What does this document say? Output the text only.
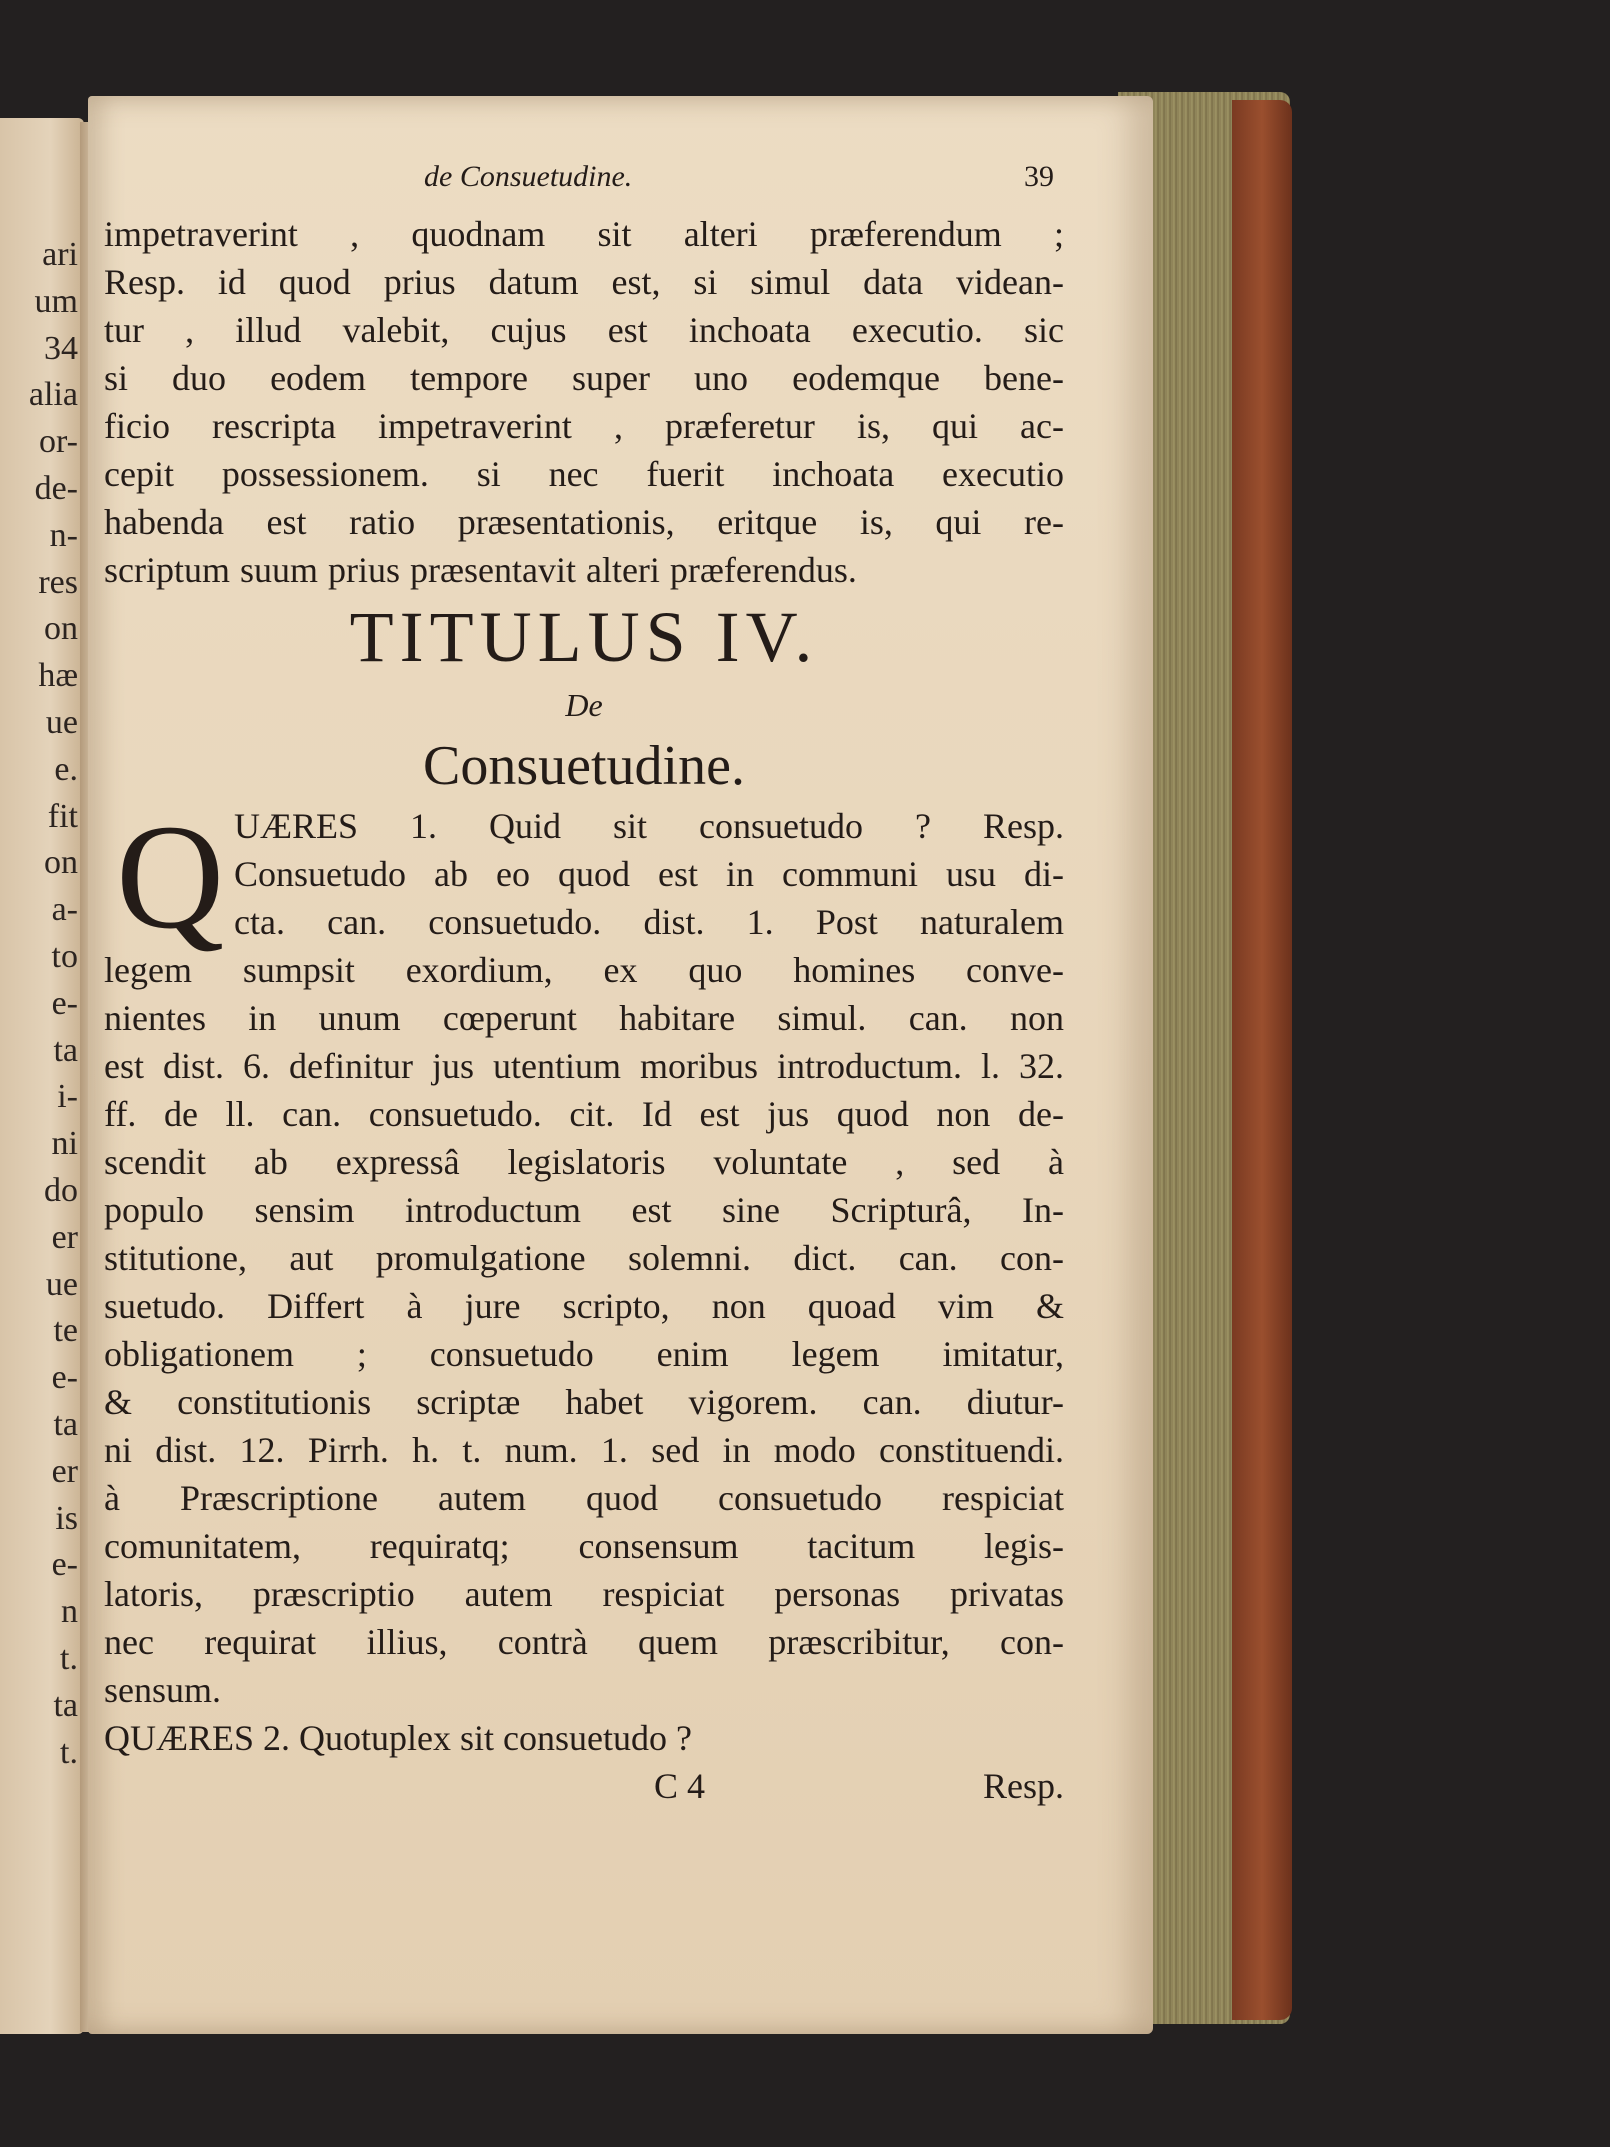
ari
um
34
alia
or-
de-
n-
res
on
hæ
ue
e.
fit
on
a-
to
e-
ta
i-
ni
do
er
ue
te
e-
ta
er
is
e-
n
t.
ta
t.
de Consuetudine.	39
impetraverint , quodnam sit alteri præferendum ;
Resp. id quod prius datum est, si simul data videan-
tur , illud valebit, cujus est inchoata executio. sic
si duo eodem tempore super uno eodemque bene-
ficio rescripta impetraverint , præferetur is, qui ac-
cepit possessionem. si nec fuerit inchoata executio
habenda est ratio præsentationis, eritque is, qui re-
scriptum suum prius præsentavit alteri præferendus.
TITULUS IV.
De
Consuetudine.
Q UÆRES 1. Quid sit consuetudo ? Resp.
Consuetudo ab eo quod est in communi usu di-
cta. can. consuetudo. dist. 1. Post naturalem
legem sumpsit exordium, ex quo homines conve-
nientes in unum cœperunt habitare simul. can. non
est dist. 6. definitur jus utentium moribus introductum. l. 32.
ff. de ll. can. consuetudo. cit. Id est jus quod non de-
scendit ab expressâ legislatoris voluntate , sed à
populo sensim introductum est sine Scripturâ, In-
stitutione, aut promulgatione solemni. dict. can. con-
suetudo. Differt à jure scripto, non quoad vim &
obligationem ; consuetudo enim legem imitatur,
& constitutionis scriptæ habet vigorem. can. diutur-
ni dist. 12. Pirrh. h. t. num. 1. sed in modo constituendi.
à Præscriptione autem quod consuetudo respiciat
comunitatem, requiratq; consensum tacitum legis-
latoris, præscriptio autem respiciat personas privatas
nec requirat illius, contrà quem præscribitur, con-
sensum.
QUÆRES 2. Quotuplex sit consuetudo ?
C 4	Resp.
